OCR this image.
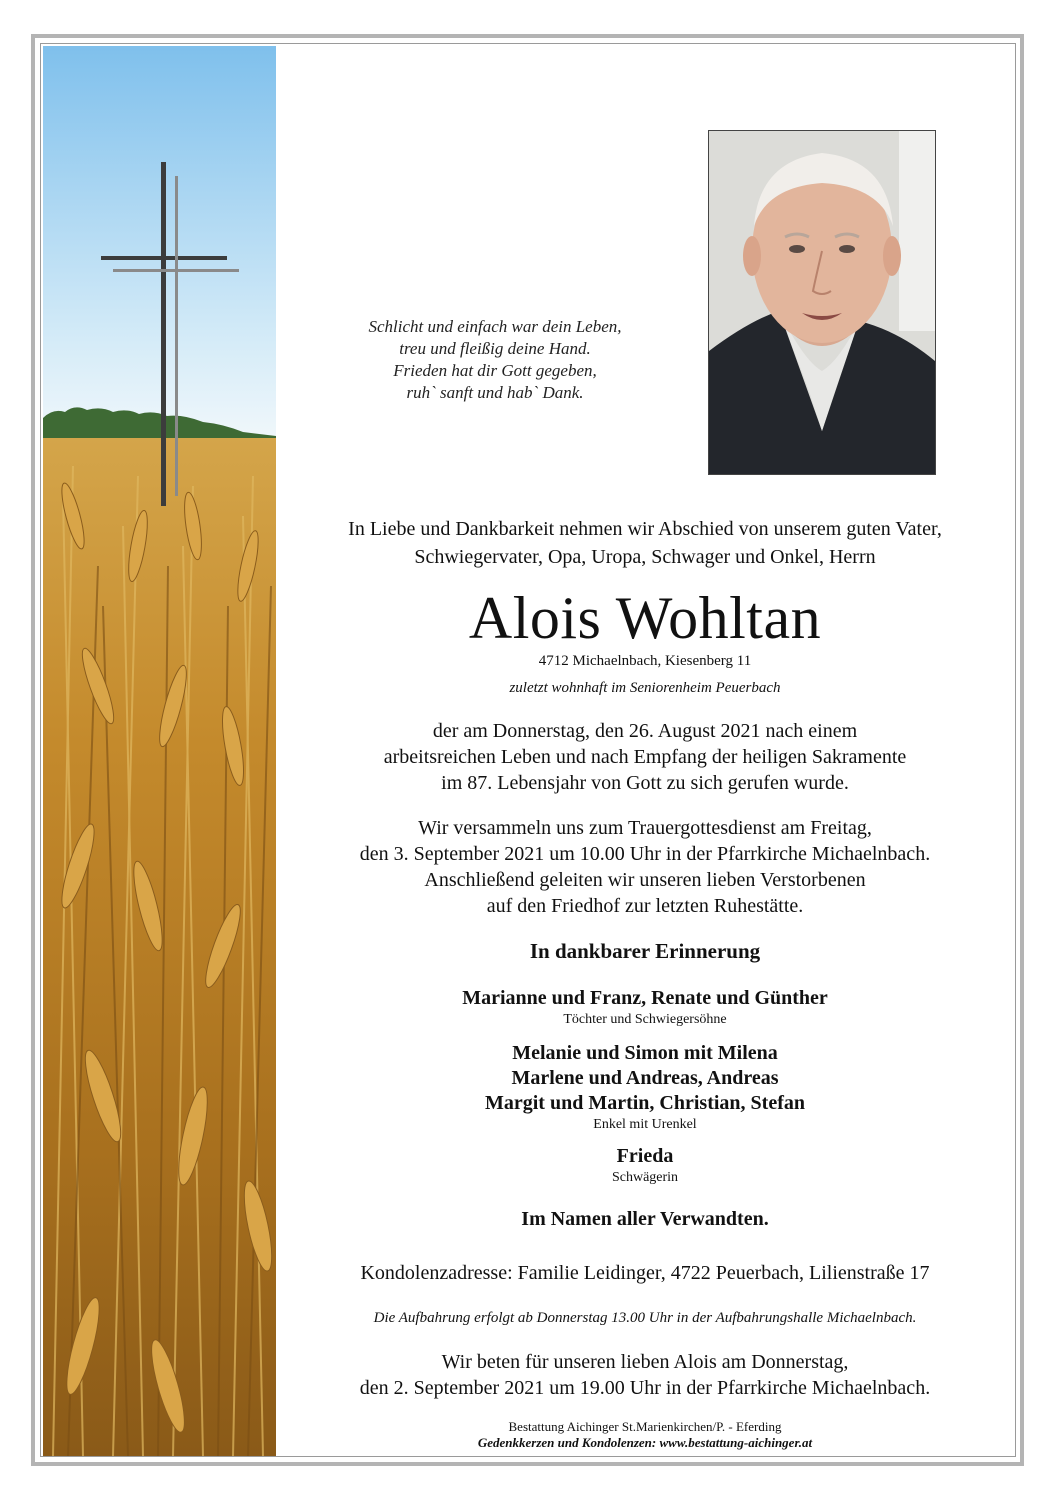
Schlicht und einfach war dein Leben,
treu und fleißig deine Hand.
Frieden hat dir Gott gegeben,
ruh` sanft und hab` Dank.
In Liebe und Dankbarkeit nehmen wir Abschied von unserem guten Vater,
Schwiegervater, Opa, Uropa, Schwager und Onkel, Herrn
Alois Wohltan
4712 Michaelnbach, Kiesenberg 11
zuletzt wohnhaft im Seniorenheim Peuerbach
der am Donnerstag, den 26. August 2021 nach einem
arbeitsreichen Leben und nach Empfang der heiligen Sakramente
im 87. Lebensjahr von Gott zu sich gerufen wurde.
Wir versammeln uns zum Trauergottesdienst am Freitag,
den 3. September 2021 um 10.00 Uhr in der Pfarrkirche Michaelnbach.
Anschließend geleiten wir unseren lieben Verstorbenen
auf den Friedhof zur letzten Ruhestätte.
In dankbarer Erinnerung
Marianne und Franz, Renate und Günther
Töchter und Schwiegersöhne
Melanie und Simon mit Milena
Marlene und Andreas, Andreas
Margit und Martin, Christian, Stefan
Enkel mit Urenkel
Frieda
Schwägerin
Im Namen aller Verwandten.
Kondolenzadresse: Familie Leidinger, 4722 Peuerbach, Lilienstraße 17
Die Aufbahrung erfolgt ab Donnerstag 13.00 Uhr in der Aufbahrungshalle Michaelnbach.
Wir beten für unseren lieben Alois am Donnerstag,
den 2. September 2021 um 19.00 Uhr in der Pfarrkirche Michaelnbach.
Bestattung Aichinger St.Marienkirchen/P. - Eferding
Gedenkkerzen und Kondolenzen: www.bestattung-aichinger.at
